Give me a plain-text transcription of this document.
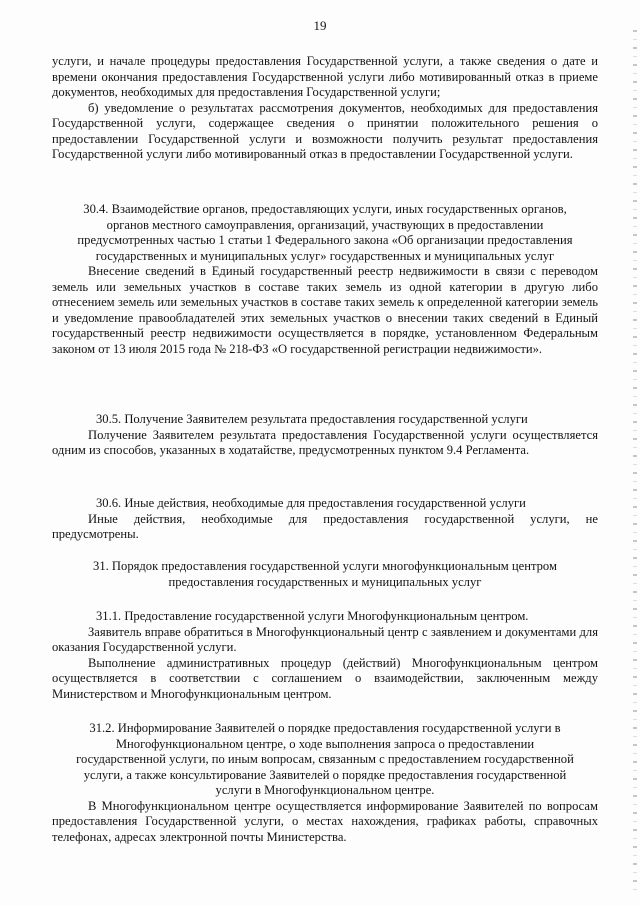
19

услуги, и начале процедуры предоставления Государственной услуги, а также сведения о дате и времени окончания предоставления Государственной услуги либо мотивированный отказ в приеме документов, необходимых для предоставления Государственной услуги;

б) уведомление о результатах рассмотрения документов, необходимых для предоставления Государственной услуги, содержащее сведения о принятии положительного решения о предоставлении Государственной услуги и возможности получить результат предоставления Государственной услуги либо мотивированный отказ в предоставлении Государственной услуги.

30.4. Взаимодействие органов, предоставляющих услуги, иных государственных органов, органов местного самоуправления, организаций, участвующих в предоставлении предусмотренных частью 1 статьи 1 Федерального закона «Об организации предоставления государственных и муниципальных услуг» государственных и муниципальных услуг

Внесение сведений в Единый государственный реестр недвижимости в связи с переводом земель или земельных участков в составе таких земель из одной категории в другую либо отнесением земель или земельных участков в составе таких земель к определенной категории земель и уведомление правообладателей этих земельных участков о внесении таких сведений в Единый государственный реестр недвижимости осуществляется в порядке, установленном Федеральным законом от 13 июля 2015 года № 218-ФЗ «О государственной регистрации недвижимости».

30.5. Получение Заявителем результата предоставления государственной услуги

Получение Заявителем результата предоставления Государственной услуги осуществляется одним из способов, указанных в ходатайстве, предусмотренных пунктом 9.4 Регламента.

30.6. Иные действия, необходимые для предоставления государственной услуги

Иные действия, необходимые для предоставления государственной услуги, не предусмотрены.

31. Порядок предоставления государственной услуги многофункциональным центром предоставления государственных и муниципальных услуг

31.1. Предоставление государственной услуги Многофункциональным центром.

Заявитель вправе обратиться в Многофункциональный центр с заявлением и документами для оказания Государственной услуги.

Выполнение административных процедур (действий) Многофункциональным центром осуществляется в соответствии с соглашением о взаимодействии, заключенным между Министерством и Многофункциональным центром.

31.2. Информирование Заявителей о порядке предоставления государственной услуги в Многофункциональном центре, о ходе выполнения запроса о предоставлении государственной услуги, по иным вопросам, связанным с предоставлением государственной услуги, а также консультирование Заявителей о порядке предоставления государственной услуги в Многофункциональном центре.

В Многофункциональном центре осуществляется информирование Заявителей по вопросам предоставления Государственной услуги, о местах нахождения, графиках работы, справочных телефонах, адресах электронной почты Министерства.
